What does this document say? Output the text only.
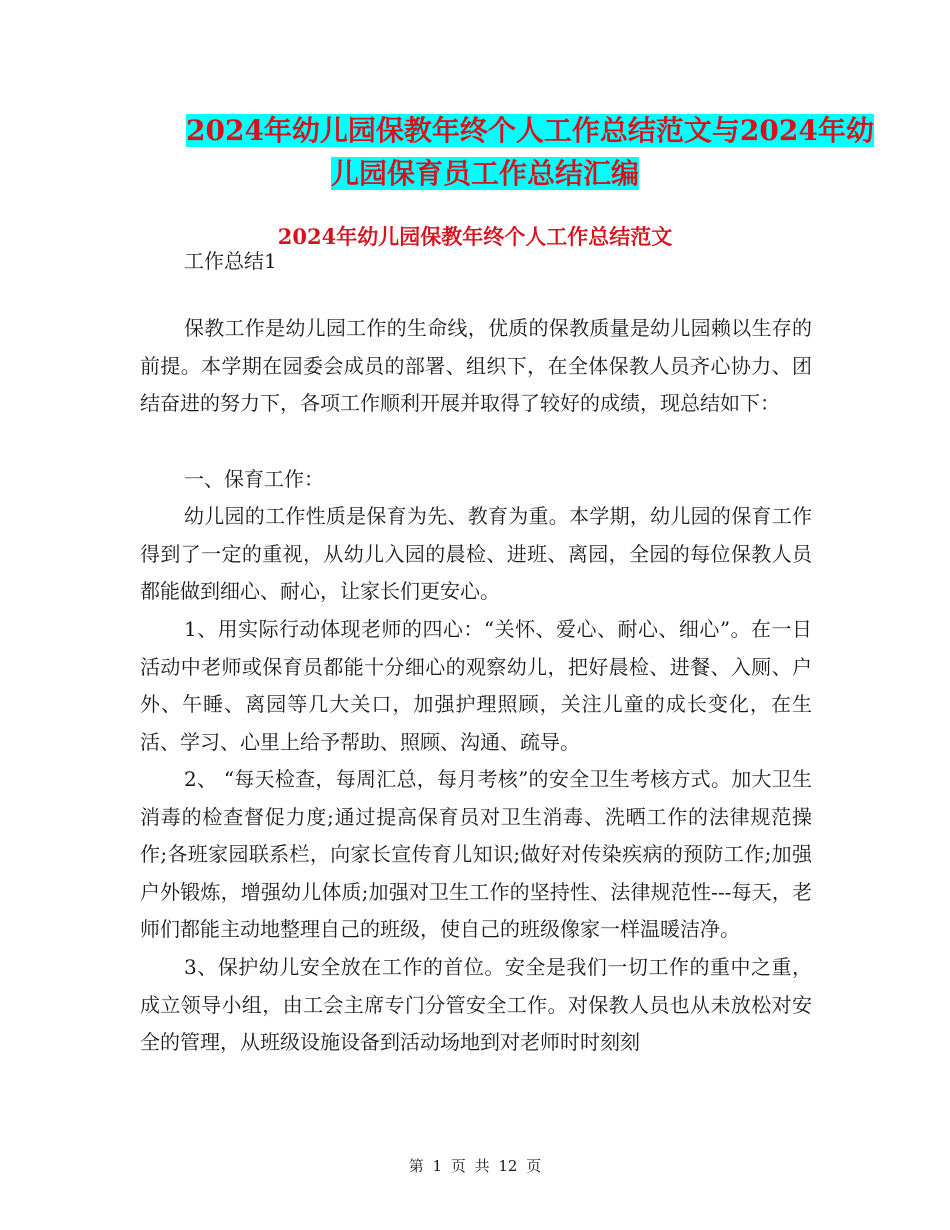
2024年幼儿园保教年终个人工作总结范文与2024年幼
儿园保育员工作总结汇编
2024年幼儿园保教年终个人工作总结范文

工作总结1

保教工作是幼儿园工作的生命线，优质的保教质量是幼儿园赖以生存的前提。本学期在园委会成员的部署、组织下，在全体保教人员齐心协力、团结奋进的努力下，各项工作顺利开展并取得了较好的成绩，现总结如下：

一、保育工作：

幼儿园的工作性质是保育为先、教育为重。本学期，幼儿园的保育工作得到了一定的重视，从幼儿入园的晨检、进班、离园，全园的每位保教人员都能做到细心、耐心，让家长们更安心。

1、用实际行动体现老师的四心：“关怀、爱心、耐心、细心”。在一日活动中老师或保育员都能十分细心的观察幼儿，把好晨检、进餐、入厕、户外、午睡、离园等几大关口，加强护理照顾，关注儿童的成长变化，在生活、学习、心里上给予帮助、照顾、沟通、疏导。

2、 “每天检查，每周汇总，每月考核”的安全卫生考核方式。加大卫生消毒的检查督促力度;通过提高保育员对卫生消毒、洗晒工作的法律规范操作;各班家园联系栏，向家长宣传育儿知识;做好对传染疾病的预防工作;加强户外锻炼，增强幼儿体质;加强对卫生工作的坚持性、法律规范性---每天，老师们都能主动地整理自己的班级，使自己的班级像家一样温暖洁净。

3、保护幼儿安全放在工作的首位。安全是我们一切工作的重中之重，成立领导小组，由工会主席专门分管安全工作。对保教人员也从未放松对安全的管理，从班级设施设备到活动场地到对老师时时刻刻

第 1 页 共 12 页
